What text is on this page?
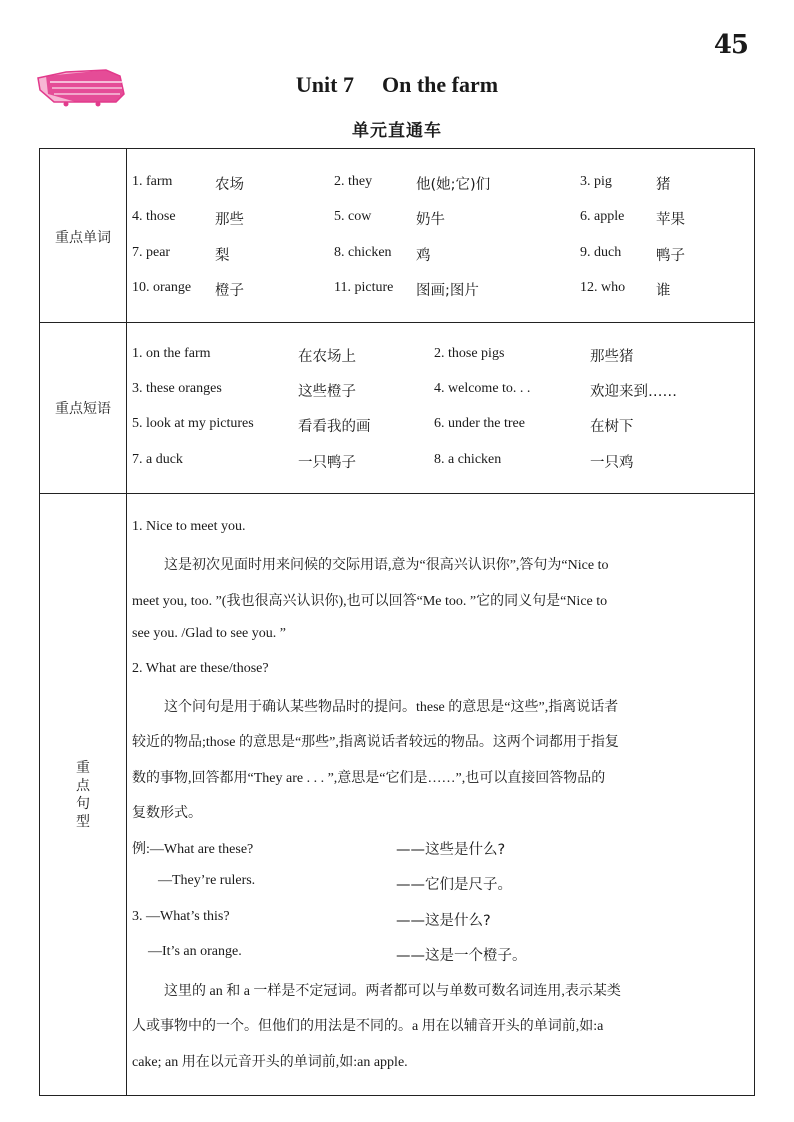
45
Unit 7 On the farm
单元直通车
重点单词
1. farm	农场	2. they	他(她;它)们	3. pig	猪
4. those	那些	5. cow	奶牛	6. apple 苹果
7. pear	梨	8. chicken 鸡	9. duch 鸭子
10. orange 橙子	11. picture 图画;图片	12. who 谁
重点短语
1. on the farm	在农场上	2. those pigs	那些猪
3. these oranges	这些橙子	4. welcome to. . .	欢迎来到……
5. look at my pictures	看看我的画	6. under the tree	在树下
7. a duck	一只鸭子	8. a chicken	一只鸡
重
点
句
型
1. Nice to meet you.
这是初次见面时用来问候的交际用语,意为“很高兴认识你”,答句为“Nice to
meet you, too. ”(我也很高兴认识你),也可以回答“Me too. ”它的同义句是“Nice to
see you. /Glad to see you. ”
2. What are these/those?
这个问句是用于确认某些物品时的提问。these 的意思是“这些”,指离说话者
较近的物品;those 的意思是“那些”,指离说话者较远的物品。这两个词都用于指复
数的事物,回答都用“They are . . . ”,意思是“它们是……”,也可以直接回答物品的
复数形式。
例:—What are these?	——这些是什么?
—They’re rulers.	——它们是尺子。
3. —What’s this?	——这是什么?
—It’s an orange.	——这是一个橙子。
这里的 an 和 a 一样是不定冠词。两者都可以与单数可数名词连用,表示某类
人或事物中的一个。但他们的用法是不同的。a 用在以辅音开头的单词前,如:a
cake; an 用在以元音开头的单词前,如:an apple.
